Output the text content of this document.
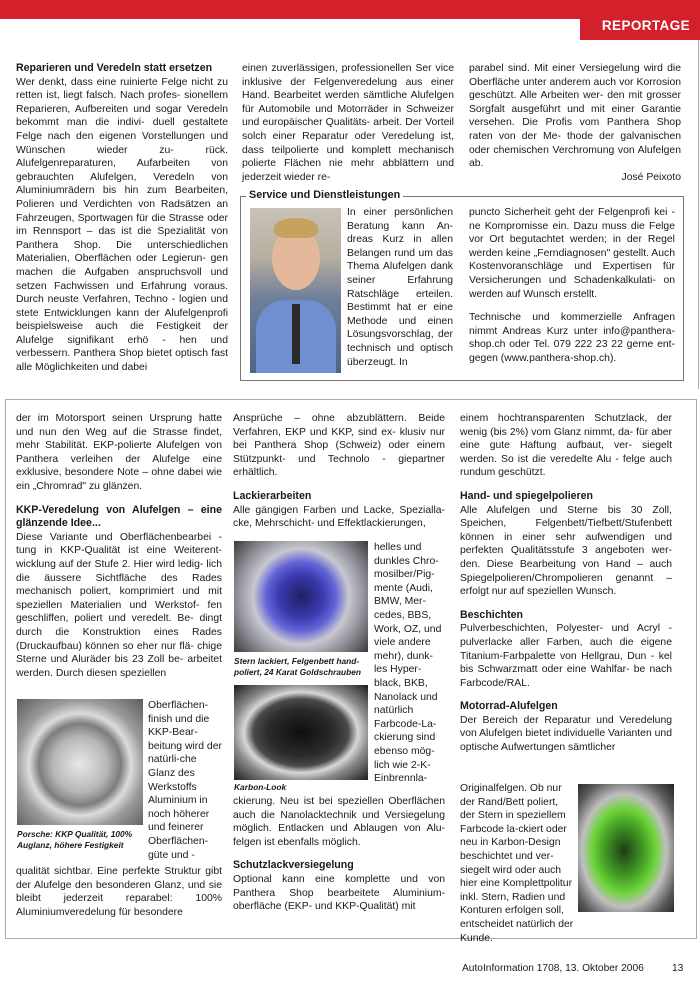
REPORTAGE

Reparieren und Veredeln statt ersetzen

Wer denkt, dass eine ruinierte Felge nicht zu retten ist, liegt falsch. Nach profes- sionellem Reparieren, Aufbereiten und sogar Veredeln bekommt man die indivi- duell gestaltete Felge nach den eigenen Vorstellungen und Wünschen wieder zu- rück. Alufelgenreparaturen, Aufarbeiten von gebrauchten Alufelgen, Veredeln von Aluminiumrädern bis hin zum Bearbeiten, Polieren und Verdichten von Radsätzen an Fahrzeugen, Sportwagen für die Strasse oder im Rennsport – das ist die Spezialität von Panthera Shop. Die unterschiedlichen Materialien, Oberflächen oder Legierun- gen machen die Aufgaben anspruchsvoll und setzen Fachwissen und Erfahrung voraus. Durch neuste Verfahren, Techno - logien und stete Entwicklungen kann der Alufelgenprofi beispielsweise auch die Festigkeit der Alufelge signifikant erhö - hen und verbessern. Panthera Shop bietet optisch fast alle Möglichkeiten und dabei

einen zuverlässigen, professionellen Ser vice inklusive der Felgenveredelung aus einer Hand. Bearbeitet werden sämtliche Alufelgen für Automobile und Motorräder in Schweizer und europäischer Qualitäts- arbeit. Der Vorteil solch einer Reparatur oder Veredelung ist, dass teilpolierte und komplett mechanisch polierte Flächen nie mehr abblättern und jederzeit wieder re-

parabel sind. Mit einer Versiegelung wird die Oberfläche unter anderem auch vor Korrosion geschützt. Alle Arbeiten wer- den mit grosser Sorgfalt ausgeführt und mit einer Garantie versehen. Die Profis vom Panthera Shop raten von der Me- thode der galvanischen oder chemischen Verchromung von Alufelgen ab.

José Peixoto

Service und Dienstleistungen

In einer persönlichen Beratung kann An- dreas Kurz in allen Belangen rund um das Thema Alufelgen dank seiner Erfahrung Ratschläge erteilen. Bestimmt hat er eine Methode und einen Lösungsvorschlag, der technisch und optisch überzeugt. In

puncto Sicherheit geht der Felgenprofi kei - ne Kompromisse ein. Dazu muss die Felge vor Ort begutachtet werden; in der Regel werden keine „Ferndiagnosen" gestellt. Auch Kostenvoranschläge und Expertisen für Versicherungen und Schadenkalkulati- on werden auf Wunsch erstellt.

Technische und kommerzielle Anfragen nimmt Andreas Kurz unter info@panthera- shop.ch oder Tel. 079 222 23 22 gerne ent- gegen (www.panthera-shop.ch).

der im Motorsport seinen Ursprung hatte und nun den Weg auf die Strasse findet, mehr Stabilität. EKP-polierte Alufelgen von Panthera verleihen der Alufelge eine exklusive, besondere Note – ohne dabei wie ein „Chromrad" zu glänzen.

KKP-Veredelung von Alufelgen – eine glänzende Idee...

Diese Variante und Oberflächenbearbei - tung in KKP-Qualität ist eine Weiterent- wicklung auf der Stufe 2. Hier wird ledig- lich die äussere Sichtfläche des Rades mechanisch poliert, komprimiert und mit speziellen Materialien und Werkstof- fen geschliffen, poliert und veredelt. Be- dingt durch die Konstruktion eines Rades (Druckaufbau) können so eher nur flä- chige Sterne und Aluräder bis 23 Zoll be- arbeitet werden. Durch diesen speziellen

Porsche: KKP Qualität, 100% Auglanz, höhere Festigkeit
Oberflächen-finish und die KKP-Bear-beitung wird der natürli-che Glanz des Werkstoffs Aluminium in noch höherer und feinerer Oberflächen-güte und -
qualität sichtbar. Eine perfekte Struktur gibt der Alufelge den besonderen Glanz, und sie bleibt jederzeit reparabel: 100% Aluminiumveredelung für besondere

Ansprüche – ohne abzublättern. Beide Verfahren, EKP und KKP, sind ex- klusiv nur bei Panthera Shop (Schweiz) oder einem Stützpunkt- und Technolo - giepartner erhältlich.

Lackierarbeiten

Alle gängigen Farben und Lacke, Spezialla- cke, Mehrschicht- und Effektlackierungen,

Stern lackiert, Felgenbett hand- poliert, 24 Karat Goldschrauben
Karbon-Look
helles und dunkles Chro-mosilber/Pig-mente (Audi, BMW, Mer-cedes, BBS, Work, OZ, und viele andere mehr), dunk-les Hyper-black, BKB, Nanolack und natürlich Farbcode-La-ckierung sind ebenso mög-lich wie 2-K-Einbrennla-

ckierung. Neu ist bei speziellen Oberflächen auch die Nanolacktechnik und Versiegelung möglich. Entlacken und Ablaugen von Alu- felgen ist ebenfalls möglich.

Schutzlackversiegelung

Optional kann eine komplette und von Panthera Shop bearbeitete Aluminium- oberfläche (EKP- und KKP-Qualität) mit

einem hochtransparenten Schutzlack, der wenig (bis 2%) vom Glanz nimmt, da- für aber eine gute Haftung aufbaut, ver- siegelt werden. So ist die veredelte Alu - felge auch rundum geschützt.

Hand- und spiegelpolieren

Alle Alufelgen und Sterne bis 30 Zoll, Speichen, Felgenbett/Tiefbett/Stufenbett können in einer sehr aufwendigen und perfekten Qualitätsstufe 3 angeboten wer- den. Diese Bearbeitung von Hand – auch Spiegelpolieren/Chrompolieren genannt – erfolgt nur auf speziellen Wunsch.

Beschichten

Pulverbeschichten, Polyester- und Acryl - pulverlacke aller Farben, auch die eigene Titanium-Farbpalette von Hellgrau, Dun - kel bis Schwarzmatt oder eine Wahlfar- be nach Farbcode/RAL.

Motorrad-Alufelgen

Der Bereich der Reparatur und Veredelung von Alufelgen bietet individuelle Varianten und optische Aufwertungen sämtlicher

Originalfelgen. Ob nur der Rand/Bett poliert, der Stern in speziellem Farbcode la-ckiert oder neu in Karbon-Design beschichtet und ver-siegelt wird oder auch hier eine Komplettpolitur inkl. Stern, Radien und Konturen erfolgen soll, entscheidet natürlich der Kunde.
AutoInformation 1708, 13. Oktober 2006	13
